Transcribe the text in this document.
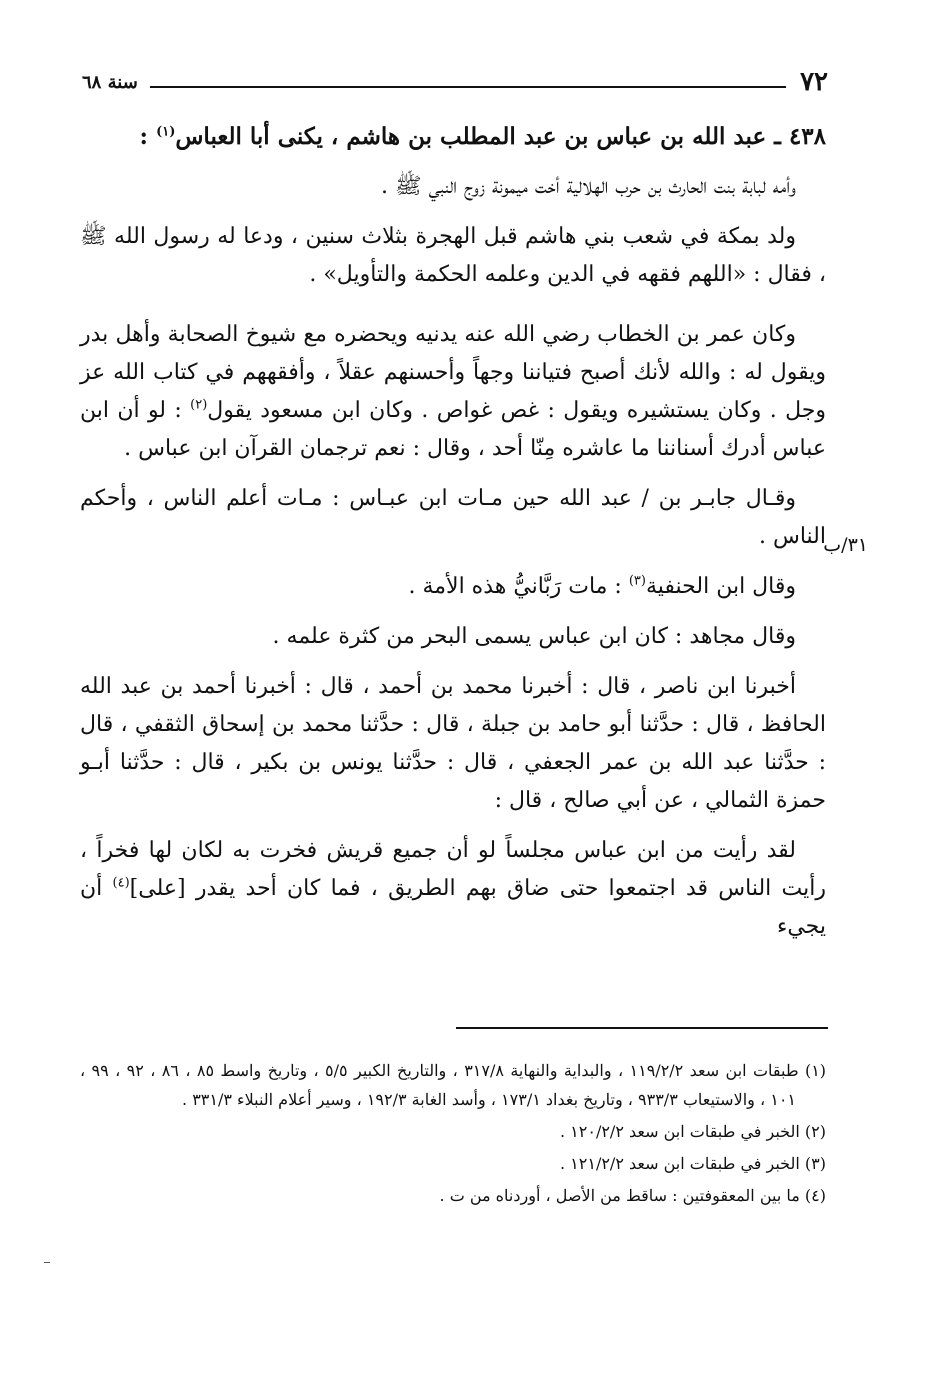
٧٢
سنة ٦٨

٤٣٨ ـ عبد الله بن عباس بن عبد المطلب بن هاشم ، يكنى أبا العباس$^{(١)}$ :

وأمه لبابة بنت الحارث بن حرب الهلالية أخت ميمونة زوج النبي ﷺ .

ولد بمكة في شعب بني هاشم قبل الهجرة بثلاث سنين ، ودعا له رسول الله ﷺ ، فقال : «اللهم فقهه في الدين وعلمه الحكمة والتأويل» .

وكان عمر بن الخطاب رضي الله عنه يدنيه ويحضره مع شيوخ الصحابة وأهل بدر ويقول له : والله لأنك أصبح فتياننا وجهاً وأحسنهم عقلاً ، وأفقههم في كتاب الله عز وجل . وكان يستشيره ويقول : غص غواص . وكان ابن مسعود يقول$^{(٢)}$ : لو أن ابن عباس أدرك أسناننا ما عاشره مِنّا أحد ، وقال : نعم ترجمان القرآن ابن عباس .

وقـال جابـر بن / عبد الله حين مـات ابن عبـاس : مـات أعلم الناس ، وأحكم الناس .

وقال ابن الحنفية$^{(٣)}$ : مات رَبَّانيُّ هذه الأمة .

وقال مجاهد : كان ابن عباس يسمى البحر من كثرة علمه .

أخبرنا ابن ناصر ، قال : أخبرنا محمد بن أحمد ، قال : أخبرنا أحمد بن عبد الله الحافظ ، قال : حدَّثنا أبو حامد بن جبلة ، قال : حدَّثنا محمد بن إسحاق الثقفي ، قال : حدَّثنا عبد الله بن عمر الجعفي ، قال : حدَّثنا يونس بن بكير ، قال : حدَّثنا أبـو حمزة الثمالي ، عن أبي صالح ، قال :

لقد رأيت من ابن عباس مجلساً لو أن جميع قريش فخرت به لكان لها فخراً ، رأيت الناس قد اجتمعوا حتى ضاق بهم الطريق ، فما كان أحد يقدر [على]$^{(٤)}$ أن يجيء

٣١/ب

(١) طبقات ابن سعد ١١٩/٢/٢ ، والبداية والنهاية ٣١٧/٨ ، والتاريخ الكبير ٥/٥ ، وتاريخ واسط ٨٥ ، ٨٦ ، ٩٢ ، ٩٩ ، ١٠١ ، والاستيعاب ٩٣٣/٣ ، وتاريخ بغداد ١٧٣/١ ، وأسد الغابة ١٩٢/٣ ، وسير أعلام النبلاء ٣٣١/٣ .

(٢) الخبر في طبقات ابن سعد ١٢٠/٢/٢ .

(٣) الخبر في طبقات ابن سعد ١٢١/٢/٢ .

(٤) ما بين المعقوفتين : ساقط من الأصل ، أوردناه من ت .
